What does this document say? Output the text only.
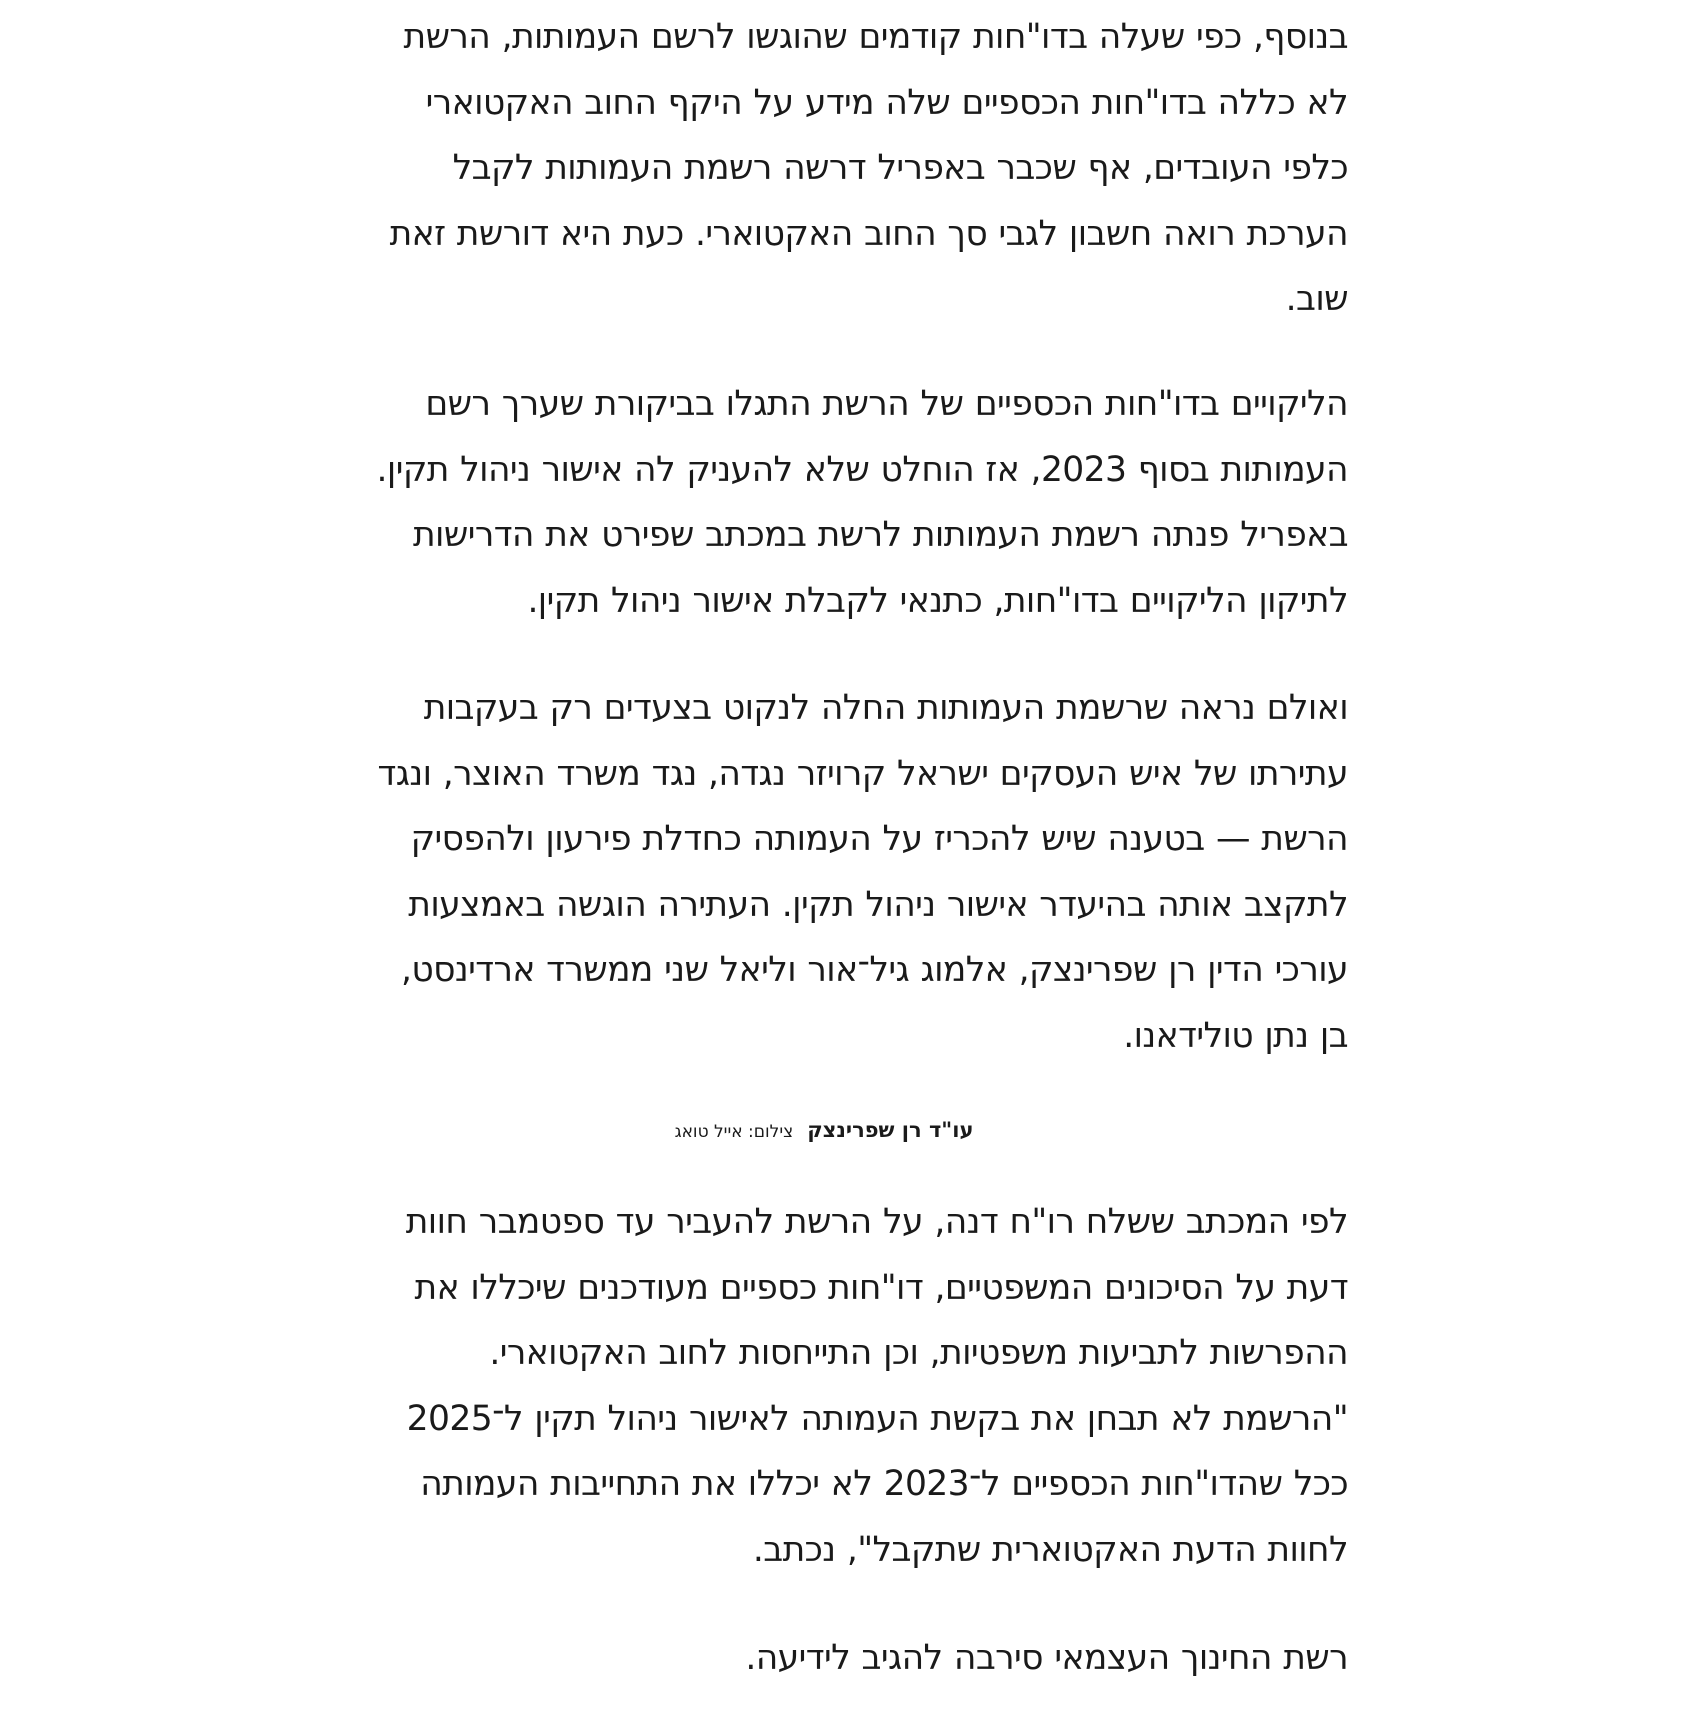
בנוסף, כפי שעלה בדו"חות קודמים שהוגשו לרשם העמותות, הרשת
לא כללה בדו"חות הכספיים שלה מידע על היקף החוב האקטוארי
כלפי העובדים, אף שכבר באפריל דרשה רשמת העמותות לקבל
הערכת רואה חשבון לגבי סך החוב האקטוארי. כעת היא דורשת זאת
שוב.

הליקויים בדו"חות הכספיים של הרשת התגלו בביקורת שערך רשם
העמותות בסוף 2023, אז הוחלט שלא להעניק לה אישור ניהול תקין.
באפריל פנתה רשמת העמותות לרשת במכתב שפירט את הדרישות
לתיקון הליקויים בדו"חות, כתנאי לקבלת אישור ניהול תקין.

ואולם נראה שרשמת העמותות החלה לנקוט בצעדים רק בעקבות
עתירתו של איש העסקים ישראל קרויזר נגדה, נגד משרד האוצר, ונגד
הרשת — בטענה שיש להכריז על העמותה כחדלת פירעון ולהפסיק
לתקצב אותה בהיעדר אישור ניהול תקין. העתירה הוגשה באמצעות
עורכי הדין רן שפרינצק, אלמוג גיל־אור וליאל שני ממשרד ארדינסט,
בן נתן טולידאנו.

לפי המכתב ששלח רו"ח דנה, על הרשת להעביר עד ספטמבר חוות
דעת על הסיכונים המשפטיים, דו"חות כספיים מעודכנים שיכללו את
ההפרשות לתביעות משפטיות, וכן התייחסות לחוב האקטוארי.
"הרשמת לא תבחן את בקשת העמותה לאישור ניהול תקין ל־2025
ככל שהדו"חות הכספיים ל־2023 לא יכללו את התחייבות העמותה
לחוות הדעת האקטוארית שתקבל", נכתב.

רשת החינוך העצמאי סירבה להגיב לידיעה.

עו"ד רן שפרינצקצילום: אייל טואג
